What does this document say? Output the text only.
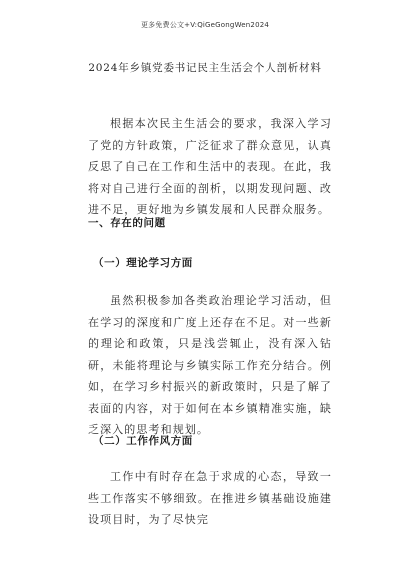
更多免费公文+V:QiGeGongWen2024
2024年乡镇党委书记民主生活会个人剖析材料

根据本次民主生活会的要求，我深入学习了党的方针政策，广泛征求了群众意见，认真反思了自己在工作和生活中的表现。在此，我将对自己进行全面的剖析，以期发现问题、改进不足，更好地为乡镇发展和人民群众服务。

一、存在的问题

（一）理论学习方面

虽然积极参加各类政治理论学习活动，但在学习的深度和广度上还存在不足。对一些新的理论和政策，只是浅尝辄止，没有深入钻研，未能将理论与乡镇实际工作充分结合。例如，在学习乡村振兴的新政策时，只是了解了表面的内容，对于如何在本乡镇精准实施，缺乏深入的思考和规划。

（二）工作作风方面

工作中有时存在急于求成的心态，导致一些工作落实不够细致。在推进乡镇基础设施建设项目时，为了尽快完
